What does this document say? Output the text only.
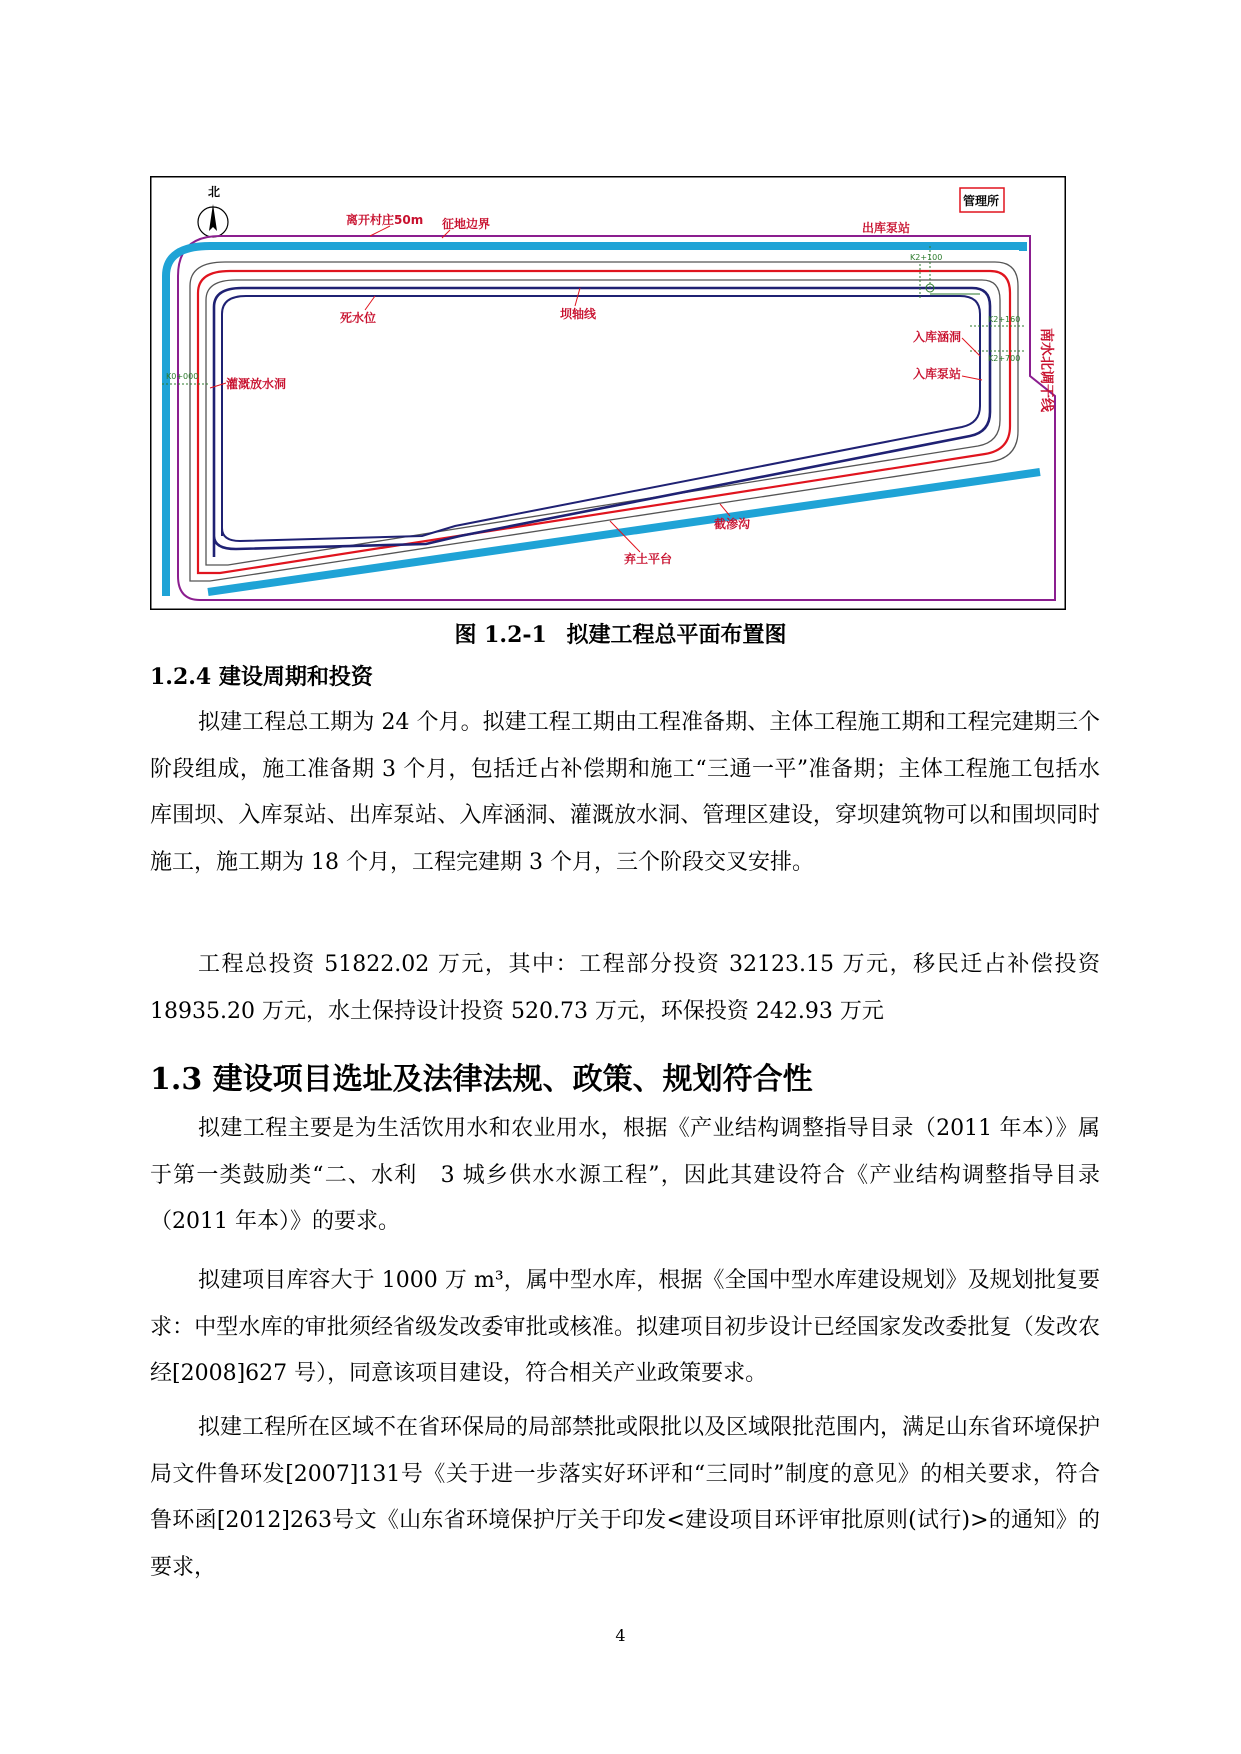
北
管理所
K2+100
K2+160
K2+700
K0+000
离开村庄50m 征地边界	出库泵站
死水位	坝轴线
入库涵洞
入库泵站	南水北调干线
灌溉放水洞
截渗沟
弃土平台
图 1.2-1 拟建工程总平面布置图
1.2.4 建设周期和投资

拟建工程总工期为 24 个月。拟建工程工期由工程准备期、主体工程施工期和工程完建期三个阶段组成，施工准备期 3 个月，包括迁占补偿期和施工“三通一平”准备期；主体工程施工包括水库围坝、入库泵站、出库泵站、入库涵洞、灌溉放水洞、管理区建设，穿坝建筑物可以和围坝同时施工，施工期为 18 个月，工程完建期 3 个月，三个阶段交叉安排。

工程总投资 51822.02 万元，其中：工程部分投资 32123.15 万元，移民迁占补偿投资 18935.20 万元，水土保持设计投资 520.73 万元，环保投资 242.93 万元

1.3 建设项目选址及法律法规、政策、规划符合性

拟建工程主要是为生活饮用水和农业用水，根据《产业结构调整指导目录（2011 年本）》属于第一类鼓励类“二、水利　3 城乡供水水源工程”，因此其建设符合《产业结构调整指导目录（2011 年本）》的要求。

拟建项目库容大于 1000 万 m³，属中型水库，根据《全国中型水库建设规划》及规划批复要求：中型水库的审批须经省级发改委审批或核准。拟建项目初步设计已经国家发改委批复（发改农经[2008]627 号），同意该项目建设，符合相关产业政策要求。

拟建工程所在区域不在省环保局的局部禁批或限批以及区域限批范围内，满足山东省环境保护局文件鲁环发[2007]131号《关于进一步落实好环评和“三同时”制度的意见》的相关要求，符合鲁环函[2012]263号文《山东省环境保护厅关于印发<建设项目环评审批原则(试行)>的通知》的要求，

4
